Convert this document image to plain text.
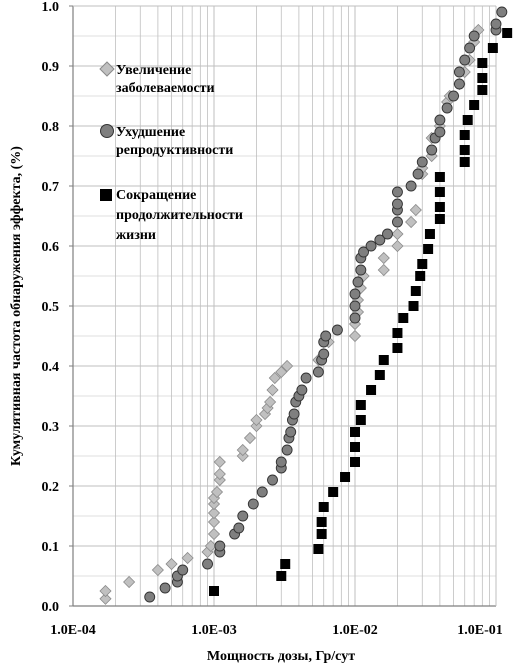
0.0
0.1
0.2
0.3
0.4
0.5
0.6
0.7
0.8
0.9
1.0
1.0E-04	1.0E-03	1.0E-02	1.0E-01
Мощность дозы, Гр/сут
Кумулятивная частота обнаружения эффекта, (%)
Увеличение
заболеваемости
Ухудшение
репродуктивности
Сокращение
продолжительности
жизни
